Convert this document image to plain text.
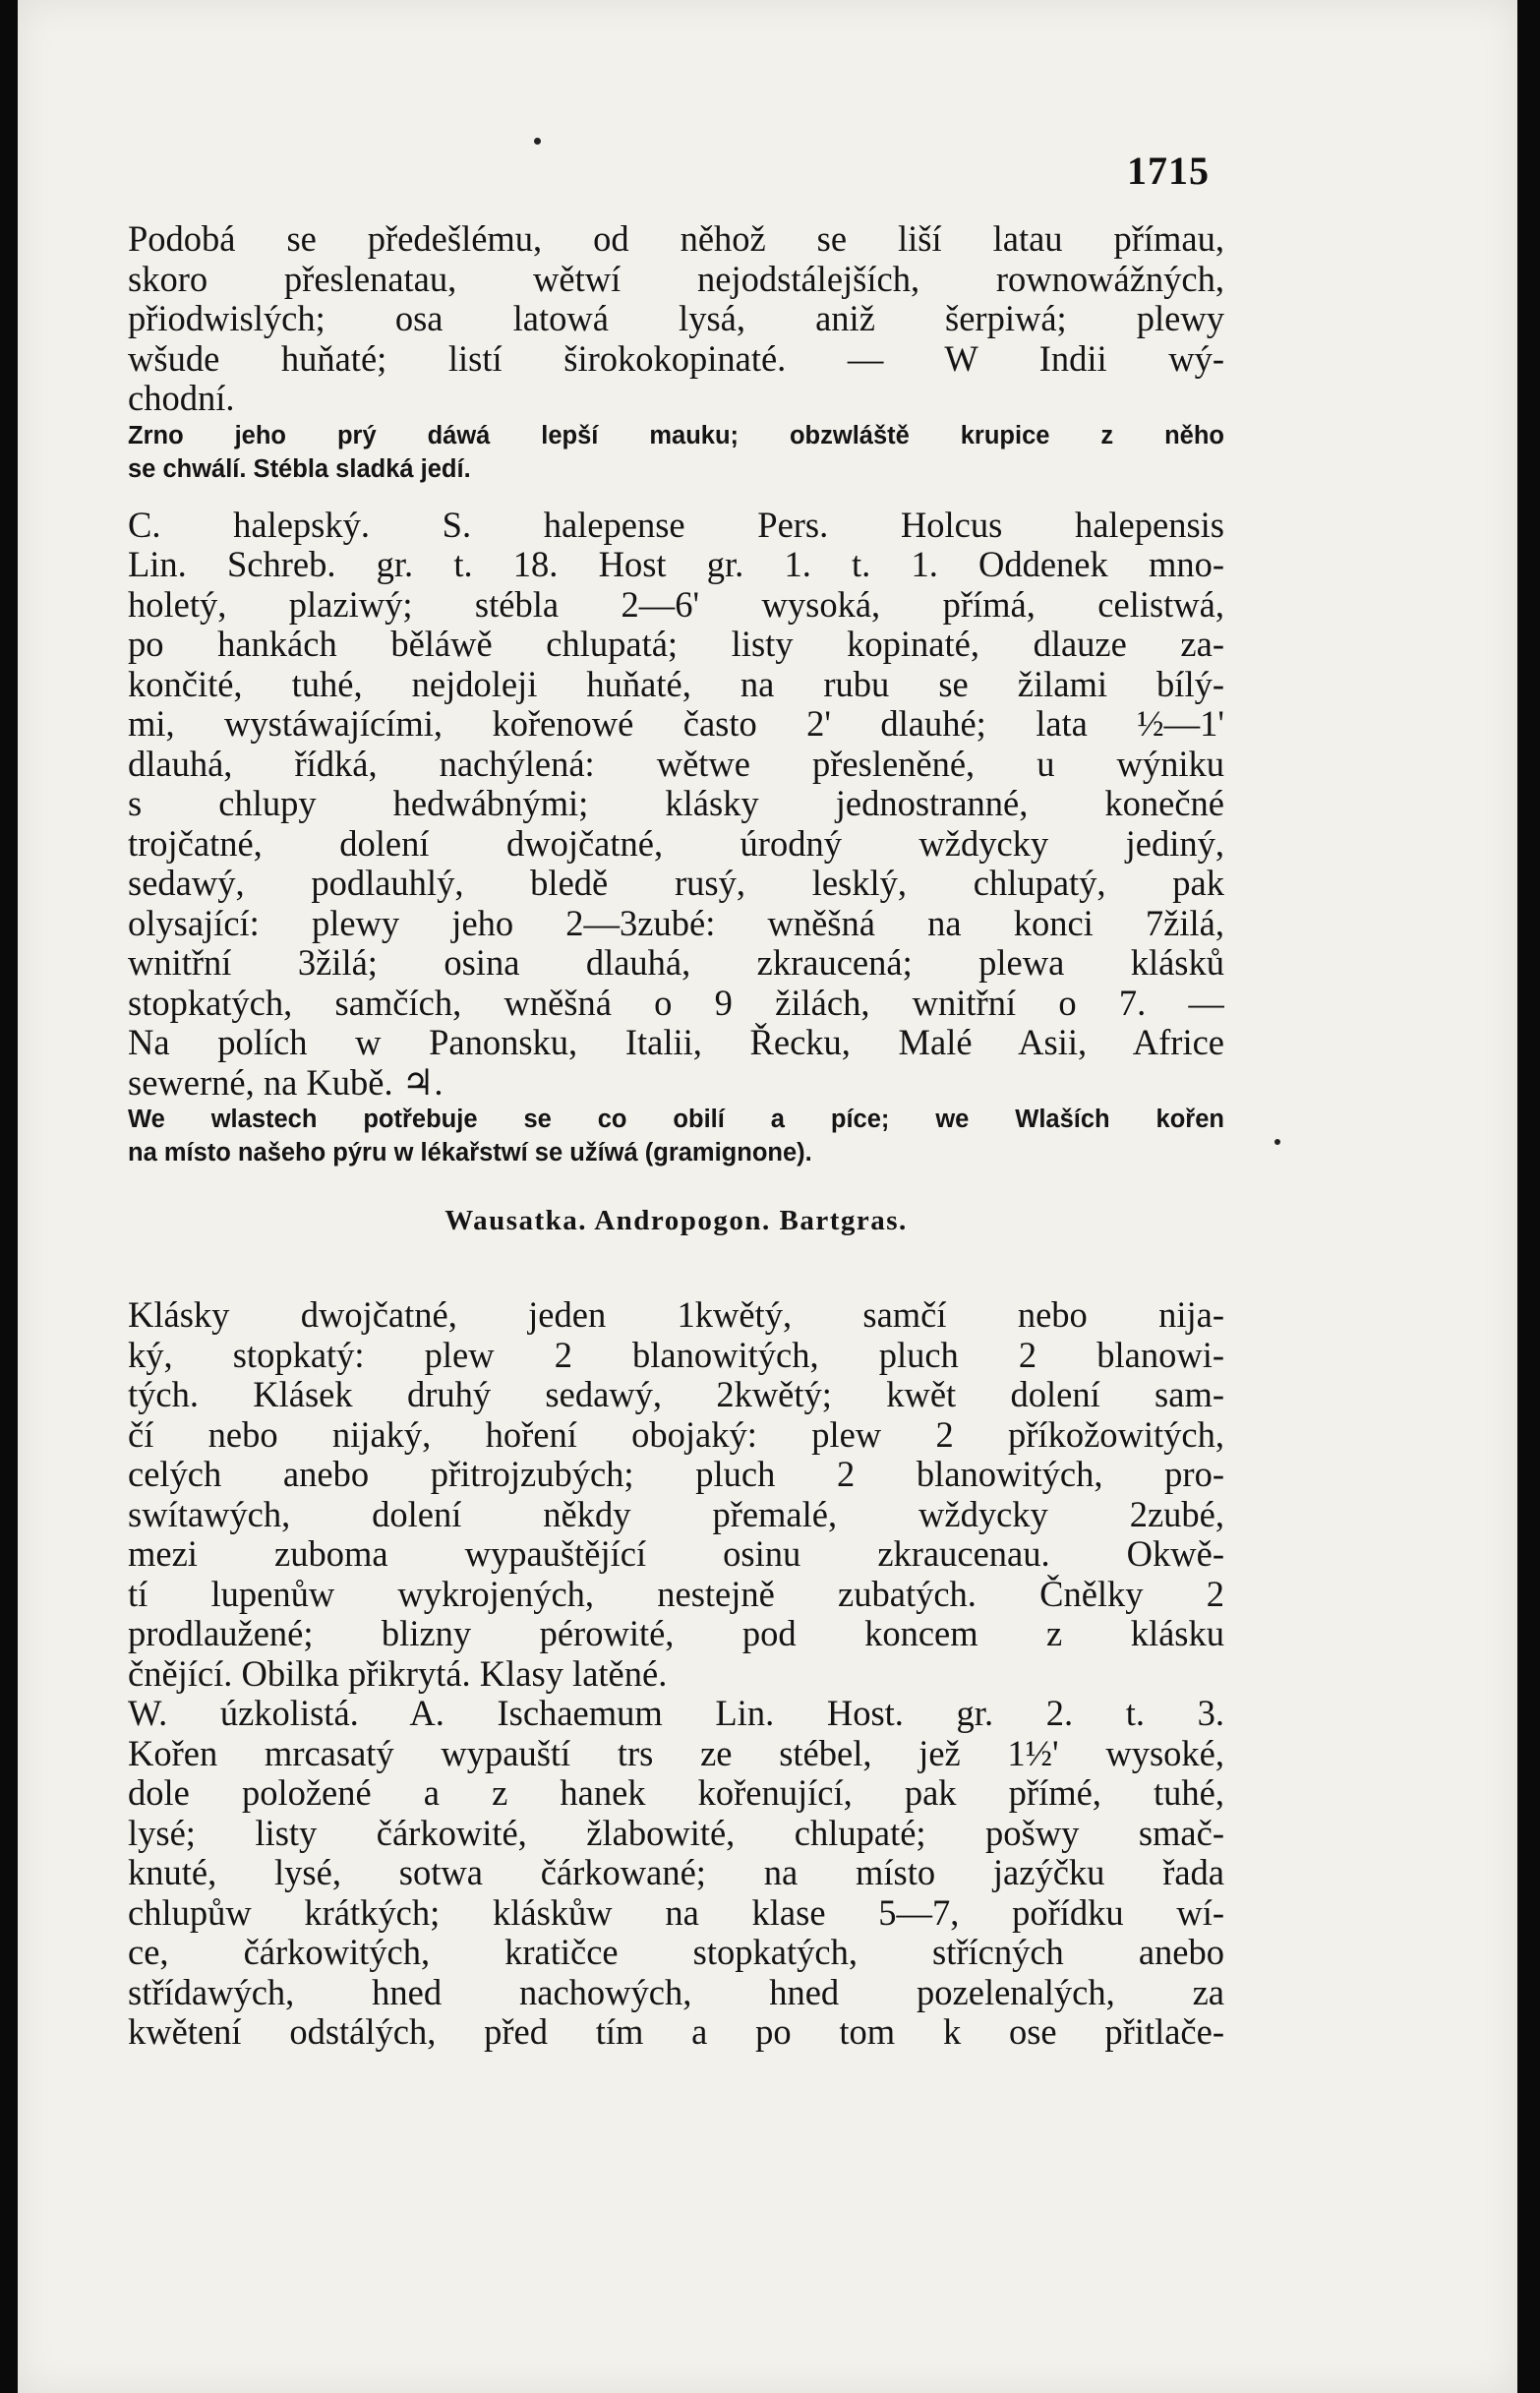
1715
Podobá se předešlému, od něhož se liší latau přímau,
skoro přeslenatau, wětwí nejodstálejších, rownowážných,
přiodwislých; osa latowá lysá, aniž šerpiwá; plewy
wšude huňaté; listí širokokopinaté. — W Indii wý-
chodní.
Zrno jeho prý dáwá lepší mauku; obzwláště krupice z něho
se chwálí. Stébla sladká jedí.
C. halepský. S. halepense Pers. Holcus halepensis
Lin. Schreb. gr. t. 18. Host gr. 1. t. 1. Oddenek mno-
holetý, plaziwý; stébla 2—6' wysoká, přímá, celistwá,
po hankách běláwě chlupatá; listy kopinaté, dlauze za-
končité, tuhé, nejdoleji huňaté, na rubu se žilami bílý-
mi, wystáwajícími, kořenowé často 2' dlauhé; lata ½—1'
dlauhá, řídká, nachýlená: wětwe přesleněné, u wýniku
s chlupy hedwábnými; klásky jednostranné, konečné
trojčatné, dolení dwojčatné, úrodný wždycky jediný,
sedawý, podlauhlý, bledě rusý, lesklý, chlupatý, pak
olysající: plewy jeho 2—3zubé: wněšná na konci 7žilá,
wnitřní 3žilá; osina dlauhá, zkraucená; plewa klásků
stopkatých, samčích, wněšná o 9 žilách, wnitřní o 7. —
Na polích w Panonsku, Italii, Řecku, Malé Asii, Africe
sewerné, na Kubě. ♃.
We wlastech potřebuje se co obilí a píce; we Wlaších kořen
na místo našeho pýru w lékařstwí se užíwá (gramignone).
Wausatka. Andropogon. Bartgras.
Klásky dwojčatné, jeden 1kwětý, samčí nebo nija-
ký, stopkatý: plew 2 blanowitých, pluch 2 blanowi-
tých. Klásek druhý sedawý, 2kwětý; kwět dolení sam-
čí nebo nijaký, hoření obojaký: plew 2 příkožowitých,
celých anebo přitrojzubých; pluch 2 blanowitých, pro-
swítawých, dolení někdy přemalé, wždycky 2zubé,
mezi zuboma wypauštějící osinu zkraucenau. Okwě-
tí lupenůw wykrojených, nestejně zubatých. Čnělky 2
prodlaužené; blizny pérowité, pod koncem z klásku
čnějící. Obilka přikrytá. Klasy latěné.
W. úzkolistá. A. Ischaemum Lin. Host. gr. 2. t. 3.
Kořen mrcasatý wypauští trs ze stébel, jež 1½' wysoké,
dole položené a z hanek kořenující, pak přímé, tuhé,
lysé; listy čárkowité, žlabowité, chlupaté; pošwy smač-
knuté, lysé, sotwa čárkowané; na místo jazýčku řada
chlupůw krátkých; kláskůw na klase 5—7, pořídku wí-
ce, čárkowitých, kratičce stopkatých, střícných anebo
střídawých, hned nachowých, hned pozelenalých, za
kwětení odstálých, před tím a po tom k ose přitlače-
